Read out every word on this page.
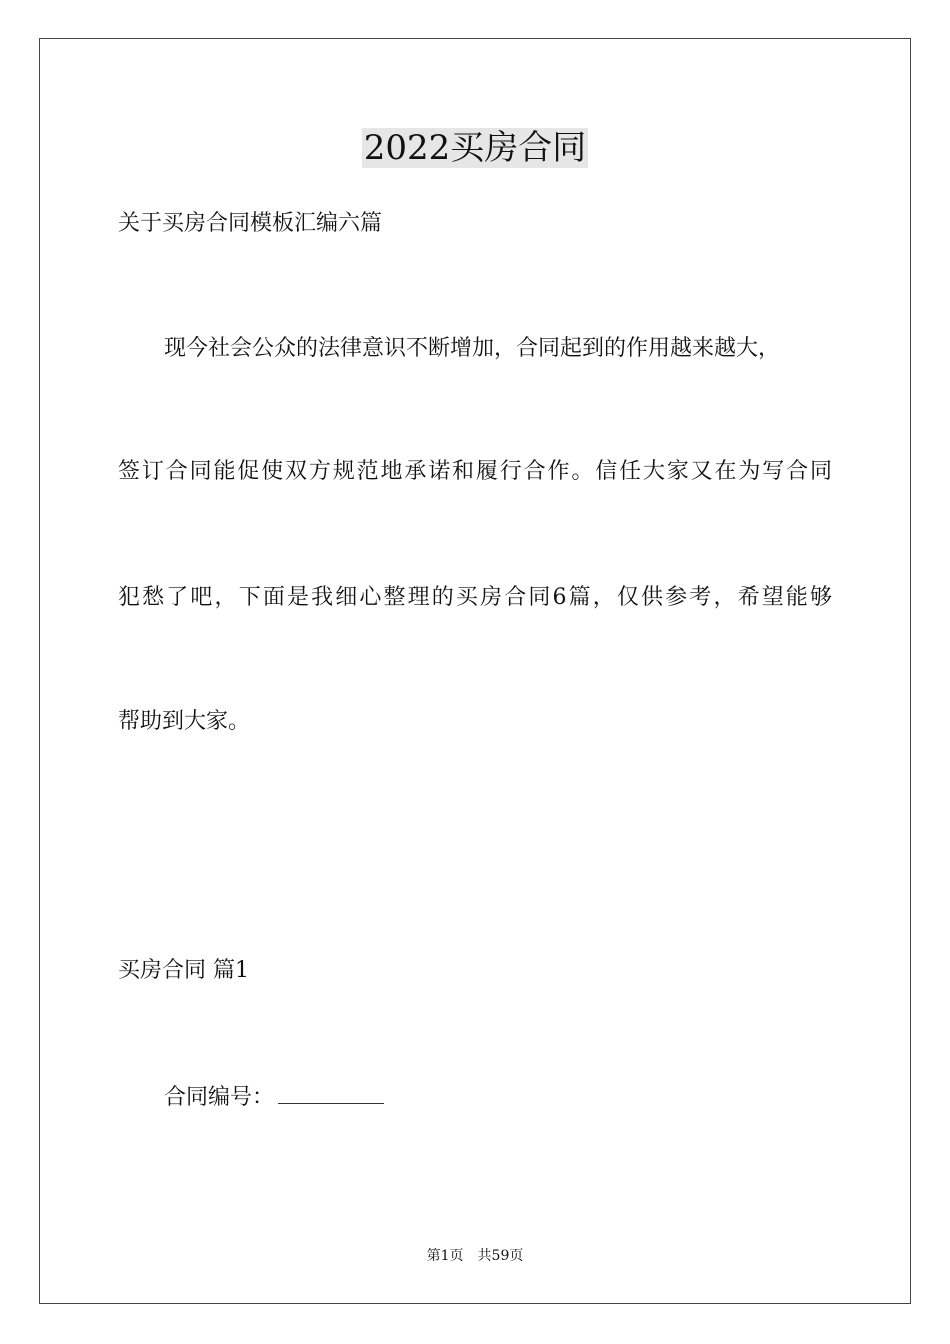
2022买房合同
关于买房合同模板汇编六篇
现今社会公众的法律意识不断增加，合同起到的作用越来越大，
签订合同能促使双方规范地承诺和履行合作。信任大家又在为写合同
犯愁了吧，下面是我细心整理的买房合同6篇，仅供参考，希望能够
帮助到大家。
买房合同 篇1
合同编号：
第1页　共59页
